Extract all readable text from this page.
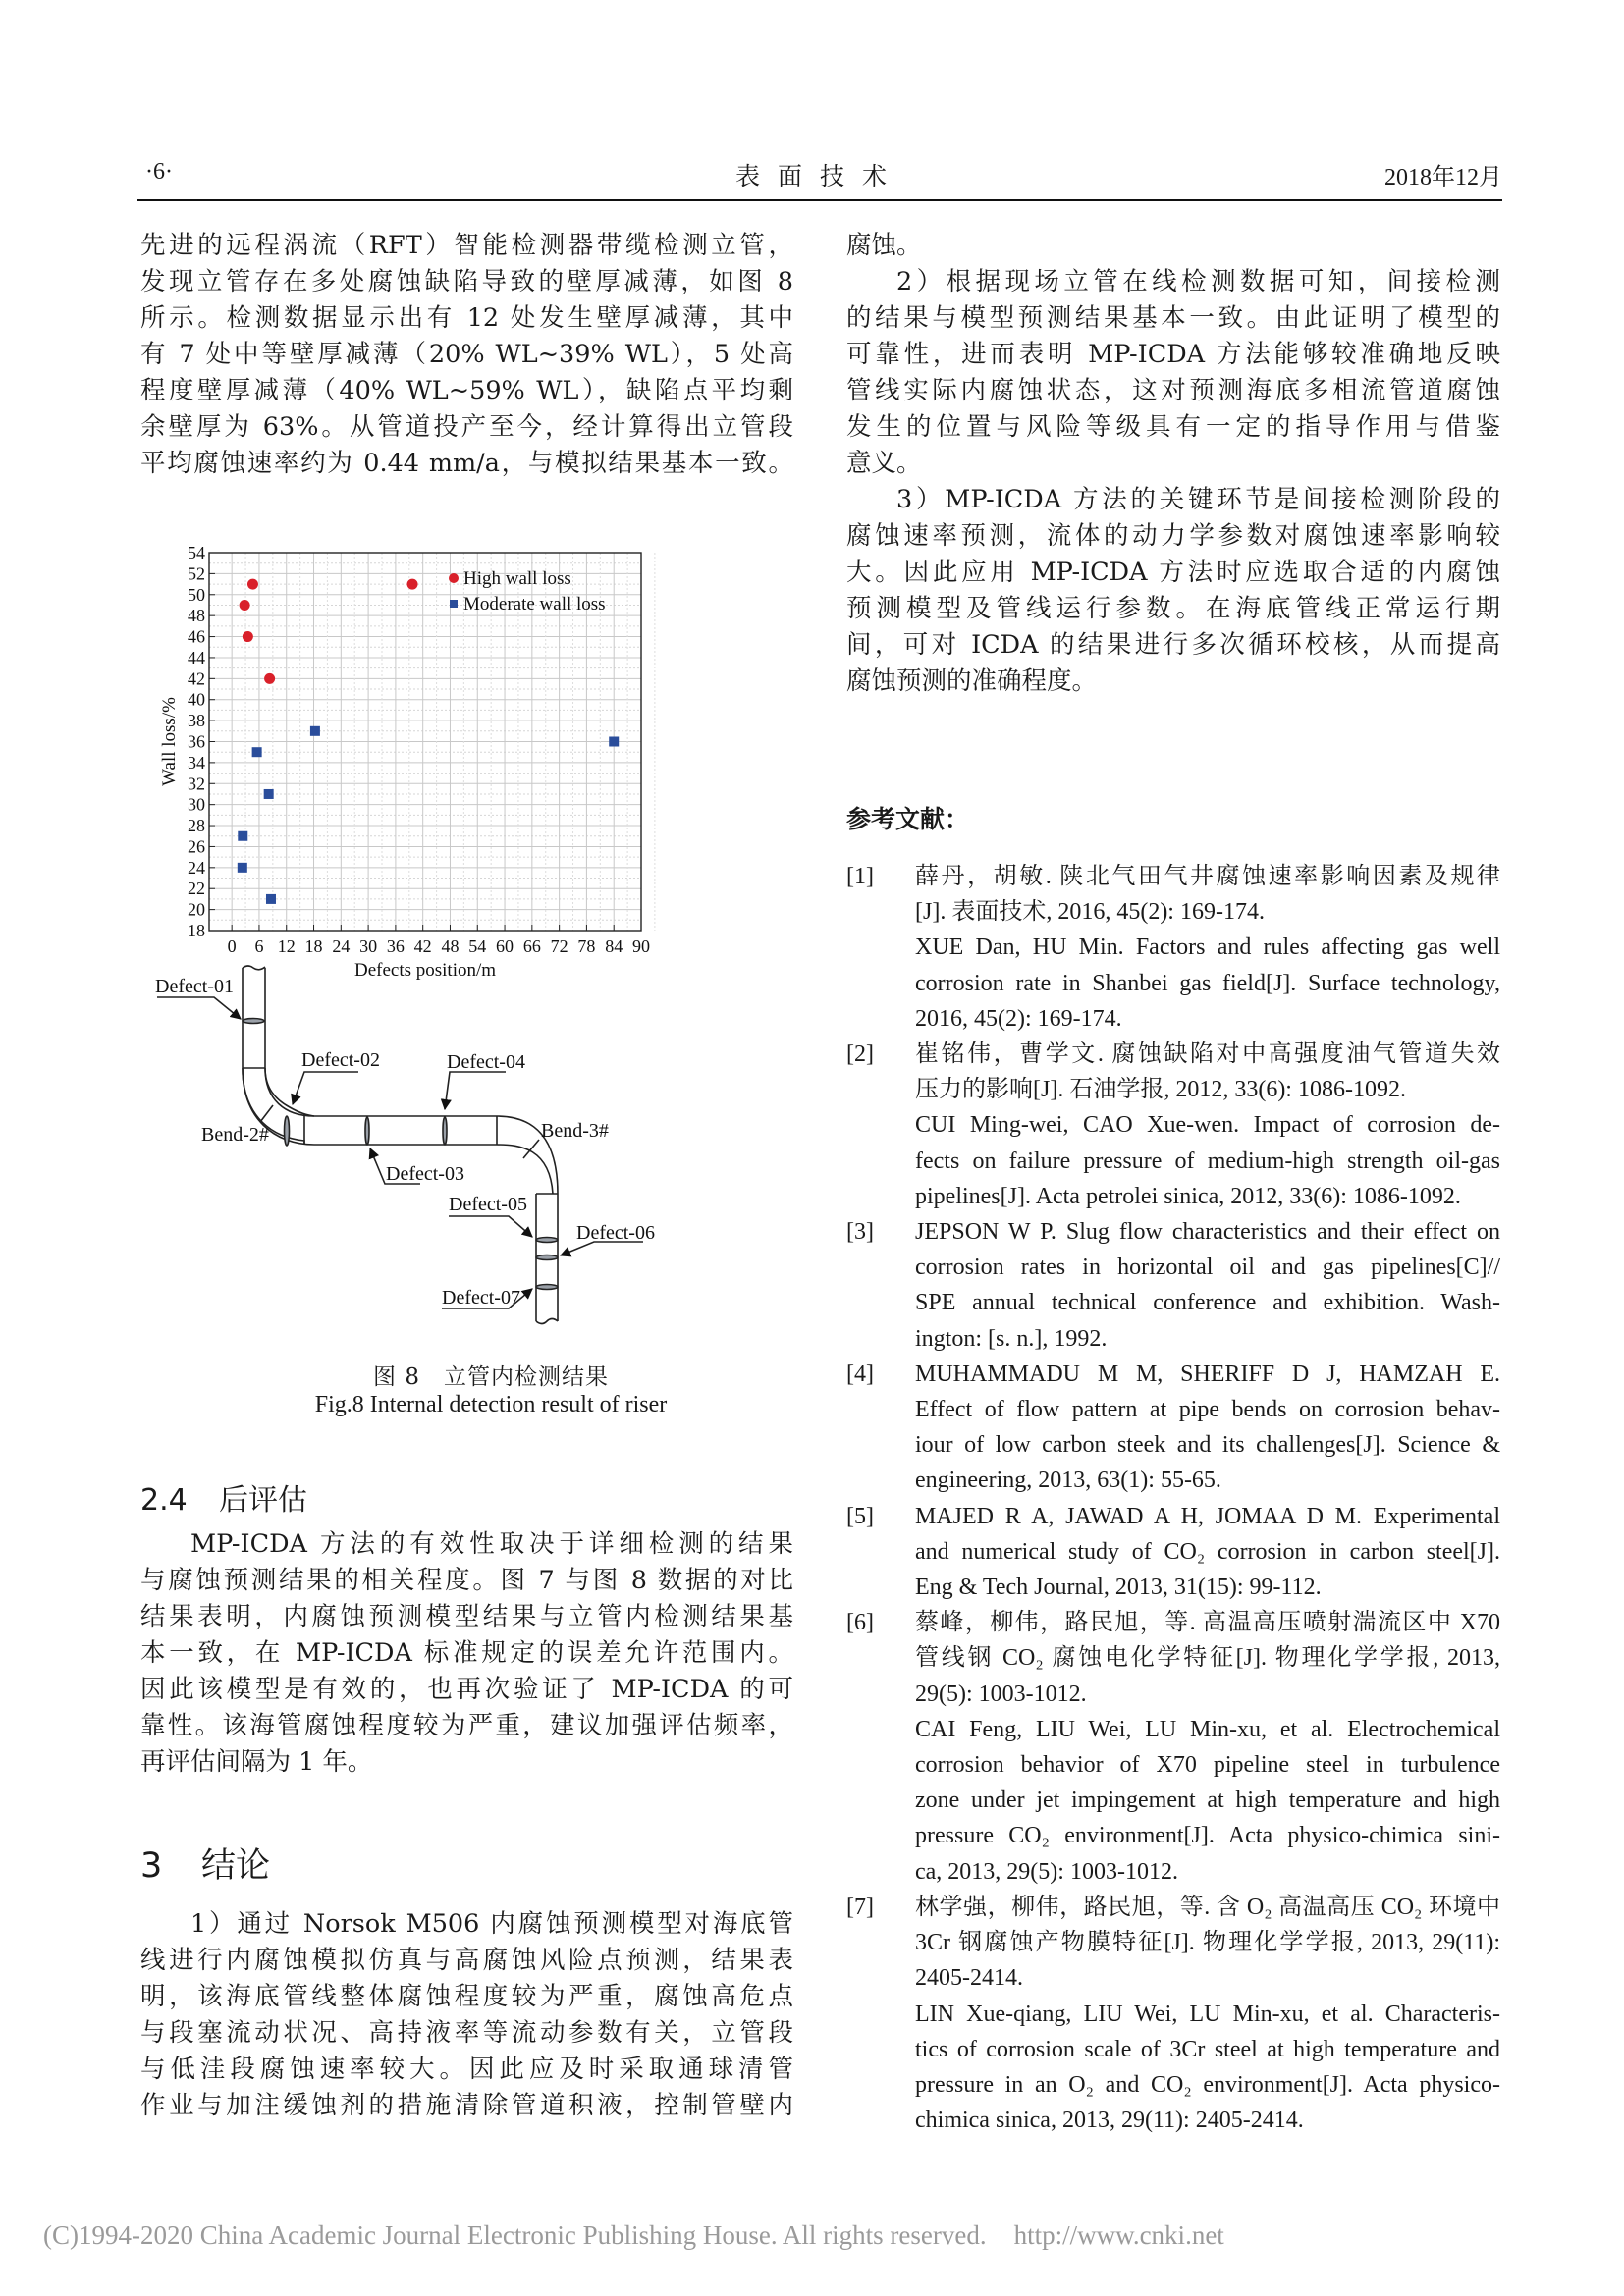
·6·	表面技术	2018年12月
先进的远程涡流（RFT）智能检测器带缆检测立管，
发现立管存在多处腐蚀缺陷导致的壁厚减薄，如图 8
所示。检测数据显示出有 12 处发生壁厚减薄，其中
有 7 处中等壁厚减薄（20% WL~39% WL），5 处高
程度壁厚减薄（40% WL~59% WL），缺陷点平均剩
余壁厚为 63%。从管道投产至今，经计算得出立管段
平均腐蚀速率约为 0.44 mm/a，与模拟结果基本一致。
18
20
22
24
26
28
30
32
34
36
38
40
42
44
46
48
50
52
54
0 6 12 18 24 30 36 42 48 54 60 66 72 78 84 90
Defects position/m
Wall loss/%
High wall loss
Moderate wall loss
Defect-01
Defect-02
Defect-03
Defect-04
Defect-05
Defect-06
Defect-07
Bend-2#	Bend-3#
图 8　立管内检测结果
Fig.8 Internal detection result of riser
2.4 后评估
MP-ICDA 方法的有效性取决于详细检测的结果
与腐蚀预测结果的相关程度。图 7 与图 8 数据的对比
结果表明，内腐蚀预测模型结果与立管内检测结果基
本一致，在 MP-ICDA 标准规定的误差允许范围内。
因此该模型是有效的，也再次验证了 MP-ICDA 的可
靠性。该海管腐蚀程度较为严重，建议加强评估频率，
再评估间隔为 1 年。
3 结论
1）通过 Norsok M506 内腐蚀预测模型对海底管
线进行内腐蚀模拟仿真与高腐蚀风险点预测，结果表
明，该海底管线整体腐蚀程度较为严重，腐蚀高危点
与段塞流动状况、高持液率等流动参数有关，立管段
与低洼段腐蚀速率较大。因此应及时采取通球清管
作业与加注缓蚀剂的措施清除管道积液，控制管壁内
腐蚀。
2）根据现场立管在线检测数据可知，间接检测
的结果与模型预测结果基本一致。由此证明了模型的
可靠性，进而表明 MP-ICDA 方法能够较准确地反映
管线实际内腐蚀状态，这对预测海底多相流管道腐蚀
发生的位置与风险等级具有一定的指导作用与借鉴
意义。
3）MP-ICDA 方法的关键环节是间接检测阶段的
腐蚀速率预测，流体的动力学参数对腐蚀速率影响较
大。因此应用 MP-ICDA 方法时应选取合适的内腐蚀
预测模型及管线运行参数。在海底管线正常运行期
间，可对 ICDA 的结果进行多次循环校核，从而提高
腐蚀预测的准确程度。
参考文献：
[1] 薛丹，胡敏. 陕北气田气井腐蚀速率影响因素及规律
[J]. 表面技术, 2016, 45(2): 169-174.
XUE Dan, HU Min. Factors and rules affecting gas well
corrosion rate in Shanbei gas field[J]. Surface technology,
2016, 45(2): 169-174.
[2] 崔铭伟，曹学文. 腐蚀缺陷对中高强度油气管道失效
压力的影响[J]. 石油学报, 2012, 33(6): 1086-1092.
CUI Ming-wei, CAO Xue-wen. Impact of corrosion de-
fects on failure pressure of medium-high strength oil-gas
pipelines[J]. Acta petrolei sinica, 2012, 33(6): 1086-1092.
[3] JEPSON W P. Slug flow characteristics and their effect on
corrosion rates in horizontal oil and gas pipelines[C]//
SPE annual technical conference and exhibition. Wash-
ington: [s. n.], 1992.
[4] MUHAMMADU M M, SHERIFF D J, HAMZAH E.
Effect of flow pattern at pipe bends on corrosion behav-
iour of low carbon steek and its challenges[J]. Science &
engineering, 2013, 63(1): 55-65.
[5] MAJED R A, JAWAD A H, JOMAA D M. Experimental
and numerical study of CO₂ corrosion in carbon steel[J].
Eng & Tech Journal, 2013, 31(15): 99-112.
[6] 蔡峰，柳伟，路民旭，等. 高温高压喷射湍流区中 X70
管线钢 CO₂ 腐蚀电化学特征[J]. 物理化学学报, 2013,
29(5): 1003-1012.
CAI Feng, LIU Wei, LU Min-xu, et al. Electrochemical
corrosion behavior of X70 pipeline steel in turbulence
zone under jet impingement at high temperature and high
pressure CO₂ environment[J]. Acta physico-chimica sini-
ca, 2013, 29(5): 1003-1012.
[7] 林学强，柳伟，路民旭，等. 含 O₂ 高温高压 CO₂ 环境中
3Cr 钢腐蚀产物膜特征[J]. 物理化学学报, 2013, 29(11):
2405-2414.
LIN Xue-qiang, LIU Wei, LU Min-xu, et al. Characteris-
tics of corrosion scale of 3Cr steel at high temperature and
pressure in an O₂ and CO₂ environment[J]. Acta physico-
chimica sinica, 2013, 29(11): 2405-2414.
(C)1994-2020 China Academic Journal Electronic Publishing House. All rights reserved. http://www.cnki.net
